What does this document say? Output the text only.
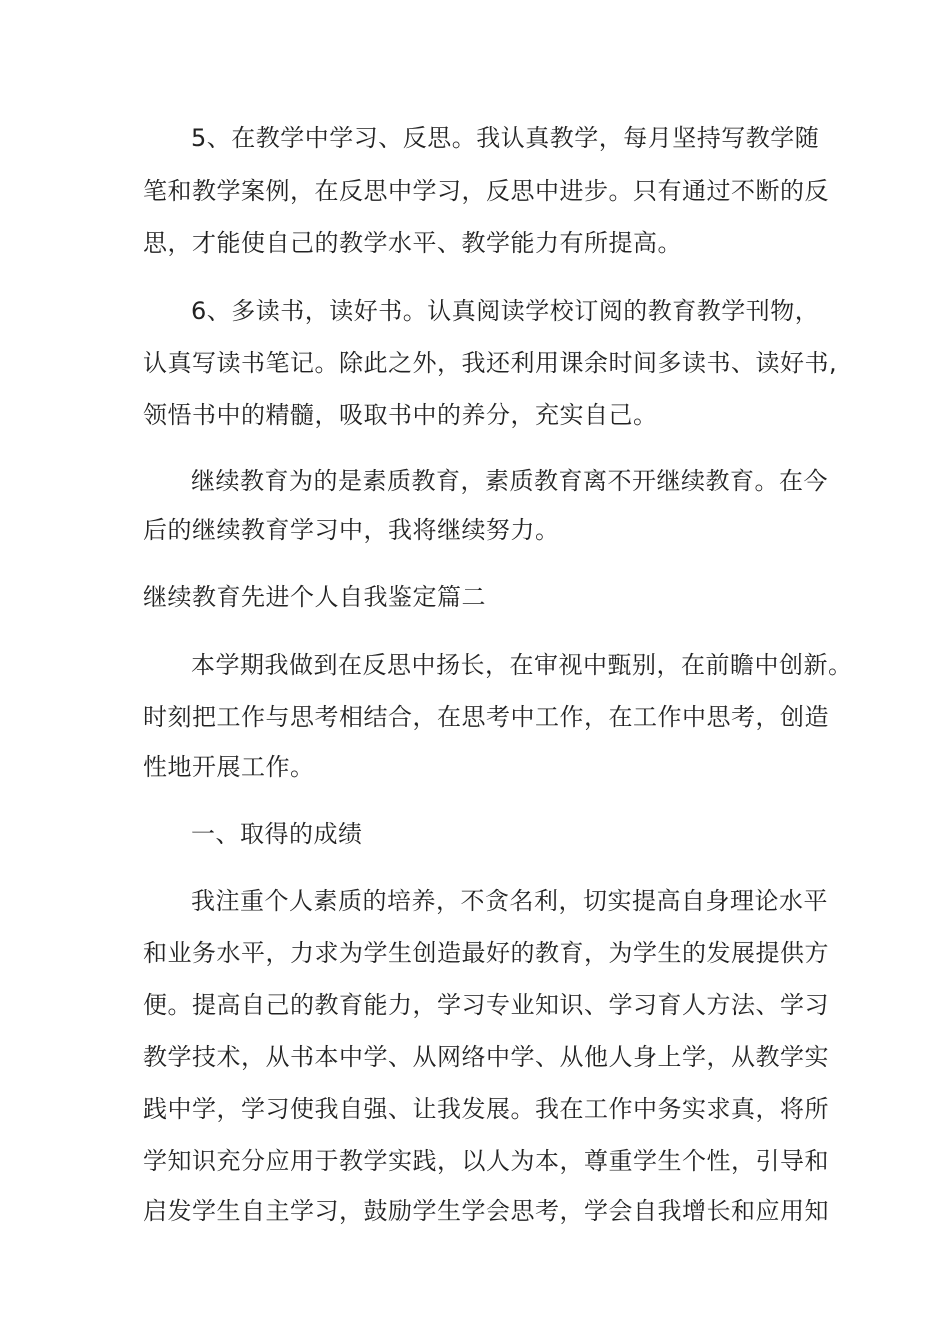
5、在教学中学习、反思。我认真教学，每月坚持写教学随
笔和教学案例，在反思中学习，反思中进步。只有通过不断的反
思，才能使自己的教学水平、教学能力有所提高。
6、多读书，读好书。认真阅读学校订阅的教育教学刊物，
认真写读书笔记。除此之外，我还利用课余时间多读书、读好书,
领悟书中的精髓，吸取书中的养分，充实自己。
继续教育为的是素质教育，素质教育离不开继续教育。在今
后的继续教育学习中，我将继续努力。
继续教育先进个人自我鉴定篇二
本学期我做到在反思中扬长，在审视中甄别，在前瞻中创新。
时刻把工作与思考相结合，在思考中工作，在工作中思考，创造
性地开展工作。
一、取得的成绩
我注重个人素质的培养，不贪名利，切实提高自身理论水平
和业务水平，力求为学生创造最好的教育，为学生的发展提供方
便。提高自己的教育能力，学习专业知识、学习育人方法、学习
教学技术，从书本中学、从网络中学、从他人身上学，从教学实
践中学，学习使我自强、让我发展。我在工作中务实求真，将所
学知识充分应用于教学实践，以人为本，尊重学生个性，引导和
启发学生自主学习，鼓励学生学会思考，学会自我增长和应用知
